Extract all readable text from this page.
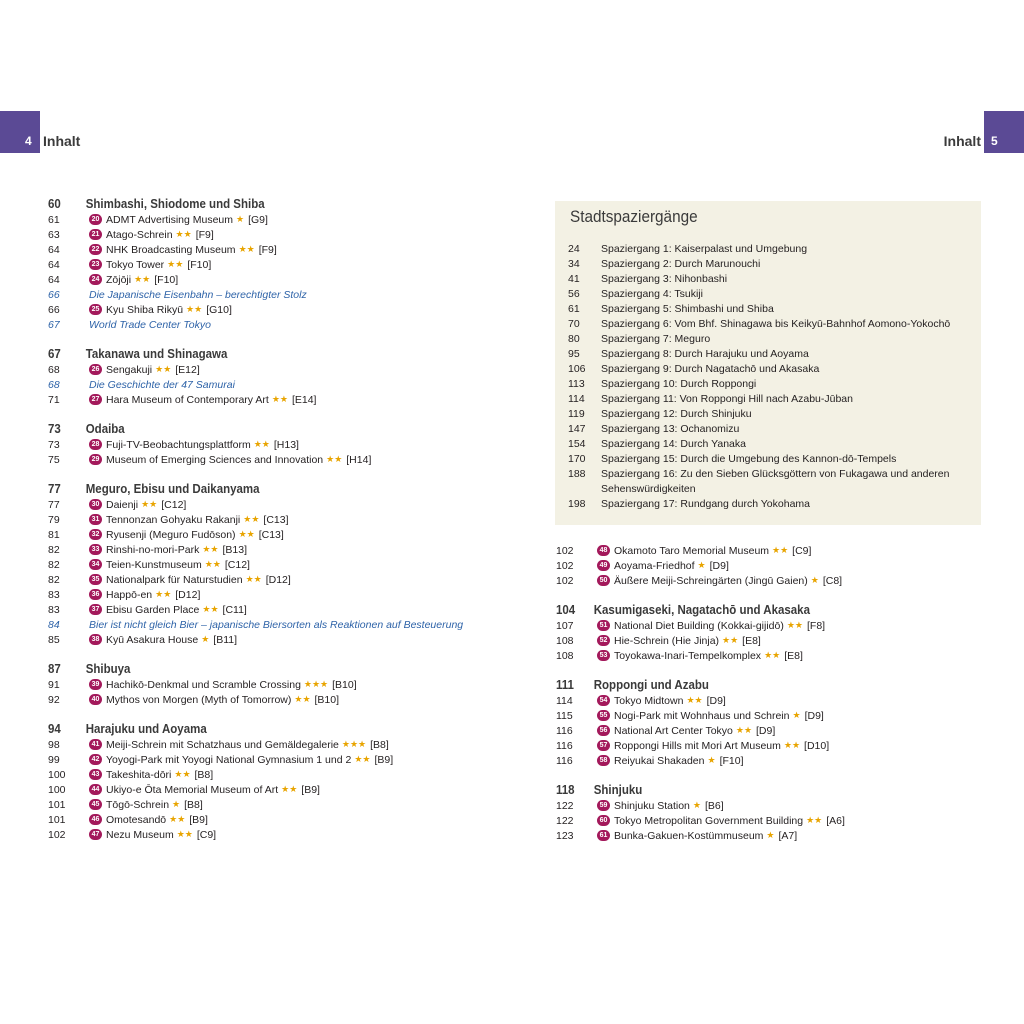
4 Inhalt	Inhalt 5
60	Shimbashi, Shiodome und Shiba
61	20 ADMT Advertising Museum ★ [G9]
63	21 Atago-Schrein ★★ [F9]
64	22 NHK Broadcasting Museum ★★ [F9]
64	23 Tokyo Tower ★★ [F10]
64	24 Zōjōji ★★ [F10]
66	Die Japanische Eisenbahn – berechtigter Stolz
66	25 Kyu Shiba Rikyū ★★ [G10]
67	World Trade Center Tokyo
67	Takanawa und Shinagawa
68	26 Sengakuji ★★ [E12]
68	Die Geschichte der 47 Samurai
71	27 Hara Museum of Contemporary Art ★★ [E14]
73	Odaiba
73	28 Fuji-TV-Beobachtungsplattform ★★ [H13]
75	29 Museum of Emerging Sciences and Innovation ★★ [H14]
77	Meguro, Ebisu und Daikanyama
77	30 Daienji ★★ [C12]
79	31 Tennonzan Gohyaku Rakanji ★★ [C13]
81	32 Ryusenji (Meguro Fudōson) ★★ [C13]
82	33 Rinshi-no-mori-Park ★★ [B13]
82	34 Teien-Kunstmuseum ★★ [C12]
82	35 Nationalpark für Naturstudien ★★ [D12]
83	36 Happō-en ★★ [D12]
83	37 Ebisu Garden Place ★★ [C11]
84	Bier ist nicht gleich Bier – japanische Biersorten als Reaktionen auf Besteuerung
85	38 Kyū Asakura House ★ [B11]
87	Shibuya
91	39 Hachikō-Denkmal und Scramble Crossing ★★★ [B10]
92	40 Mythos von Morgen (Myth of Tomorrow) ★★ [B10]
94	Harajuku und Aoyama
98	41 Meiji-Schrein mit Schatzhaus und Gemäldegalerie ★★★ [B8]
99	42 Yoyogi-Park mit Yoyogi National Gymnasium 1 und 2 ★★ [B9]
100	43 Takeshita-dōri ★★ [B8]
100	44 Ukiyo-e Ōta Memorial Museum of Art ★★ [B9]
101	45 Tōgō-Schrein ★ [B8]
101	46 Omotesandō ★★ [B9]
102	47 Nezu Museum ★★ [C9]
Stadtspaziergänge
24	Spaziergang 1: Kaiserpalast und Umgebung
34	Spaziergang 2: Durch Marunouchi
41	Spaziergang 3: Nihonbashi
56	Spaziergang 4: Tsukiji
61	Spaziergang 5: Shimbashi und Shiba
70	Spaziergang 6: Vom Bhf. Shinagawa bis Keikyū-Bahnhof Aomono-Yokochō
80	Spaziergang 7: Meguro
95	Spaziergang 8: Durch Harajuku und Aoyama
106	Spaziergang 9: Durch Nagatachō und Akasaka
113	Spaziergang 10: Durch Roppongi
114	Spaziergang 11: Von Roppongi Hill nach Azabu-Jūban
119	Spaziergang 12: Durch Shinjuku
147	Spaziergang 13: Ochanomizu
154	Spaziergang 14: Durch Yanaka
170	Spaziergang 15: Durch die Umgebung des Kannon-dō-Tempels
188	Spaziergang 16: Zu den Sieben Glücksgöttern von Fukagawa und anderen Sehenswürdigkeiten
198	Spaziergang 17: Rundgang durch Yokohama
102	48 Okamoto Taro Memorial Museum ★★ [C9]
102	49 Aoyama-Friedhof ★ [D9]
102	50 Äußere Meiji-Schreingärten (Jingū Gaien) ★ [C8]
104	Kasumigaseki, Nagatachō und Akasaka
107	51 National Diet Building (Kokkai-gijidō) ★★ [F8]
108	52 Hie-Schrein (Hie Jinja) ★★ [E8]
108	53 Toyokawa-Inari-Tempelkomplex ★★ [E8]
111	Roppongi und Azabu
114	54 Tokyo Midtown ★★ [D9]
115	55 Nogi-Park mit Wohnhaus und Schrein ★ [D9]
116	56 National Art Center Tokyo ★★ [D9]
116	57 Roppongi Hills mit Mori Art Museum ★★ [D10]
116	58 Reiyukai Shakaden ★ [F10]
118	Shinjuku
122	59 Shinjuku Station ★ [B6]
122	60 Tokyo Metropolitan Government Building ★★ [A6]
123	61 Bunka-Gakuen-Kostümmuseum ★ [A7]
